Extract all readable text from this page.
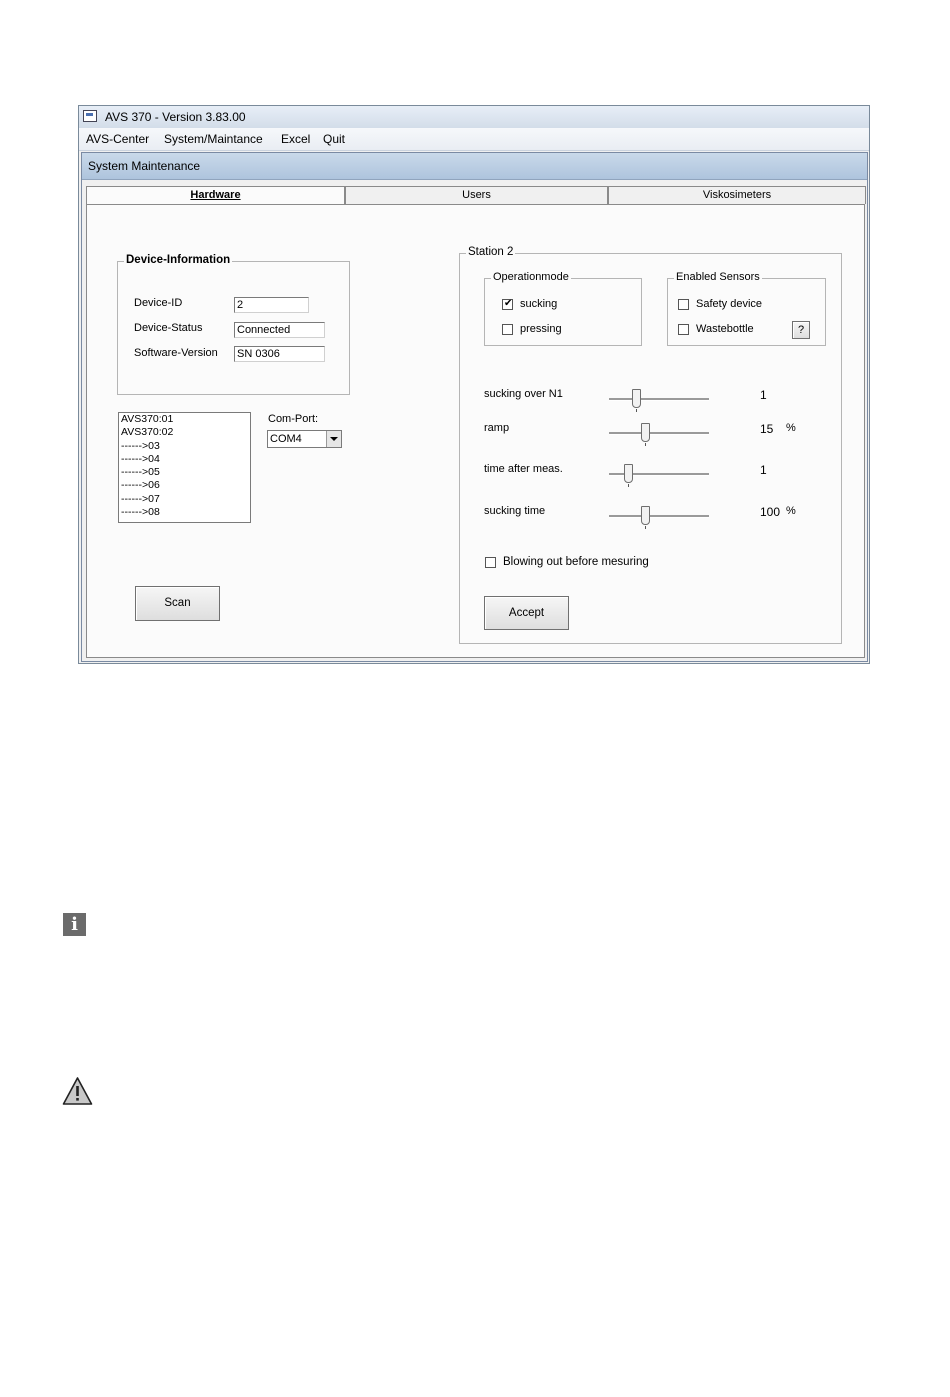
AVS 370 - Version 3.83.00
AVS-Center System/Maintance Excel Quit
System Maintenance
Hardware	Users	Viskosimeters
Device-Information
Device-ID	2
Device-Status	Connected
Software-Version SN 0306
AVS370:01
AVS370:02
------>03
------>04
------>05
------>06
------>07
------>08
Com-Port:
COM4
Scan
Station 2
Operationmode
✔ sucking
pressing
Enabled Sensors
Safety device
Wastebottle	?
sucking over N1	1
ramp	15 %
time after meas.	1
sucking time	100 %
Blowing out before mesuring
Accept
i
